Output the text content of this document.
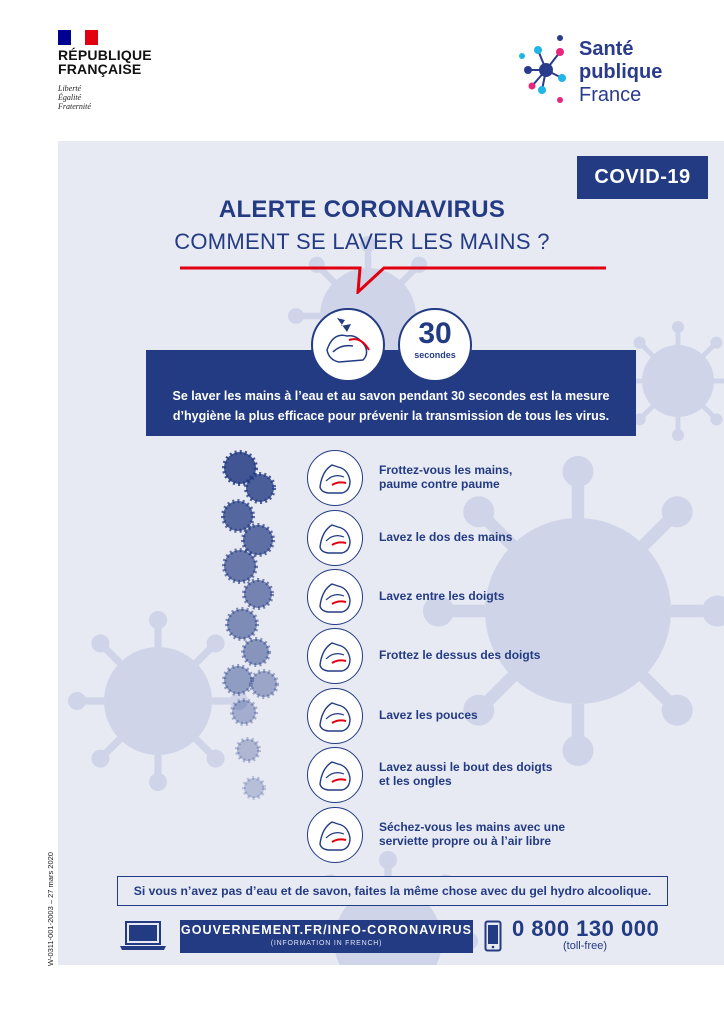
RÉPUBLIQUE
FRANÇAISE
Liberté
Égalité
Fraternité
Santé
publique
France
COVID-19
ALERTE CORONAVIRUS
COMMENT SE LAVER LES MAINS ?
30
secondes
Se laver les mains à l’eau et au savon pendant 30 secondes est la mesure
d’hygiène la plus efficace pour prévenir la transmission de tous les virus.
Frottez-vous les mains,
paume contre paume
Lavez le dos des mains
Lavez entre les doigts
Frottez le dessus des doigts
Lavez les pouces
Lavez aussi le bout des doigts
et les ongles
Séchez-vous les mains avec une
serviette propre ou à l’air libre
Si vous n’avez pas d’eau et de savon, faites la même chose avec du gel hydro alcoolique.
GOUVERNEMENT.FR/INFO-CORONAVIRUS
(INFORMATION IN FRENCH)
0 800 130 000
(toll-free)
W-0311-001-2003 – 27 mars 2020
